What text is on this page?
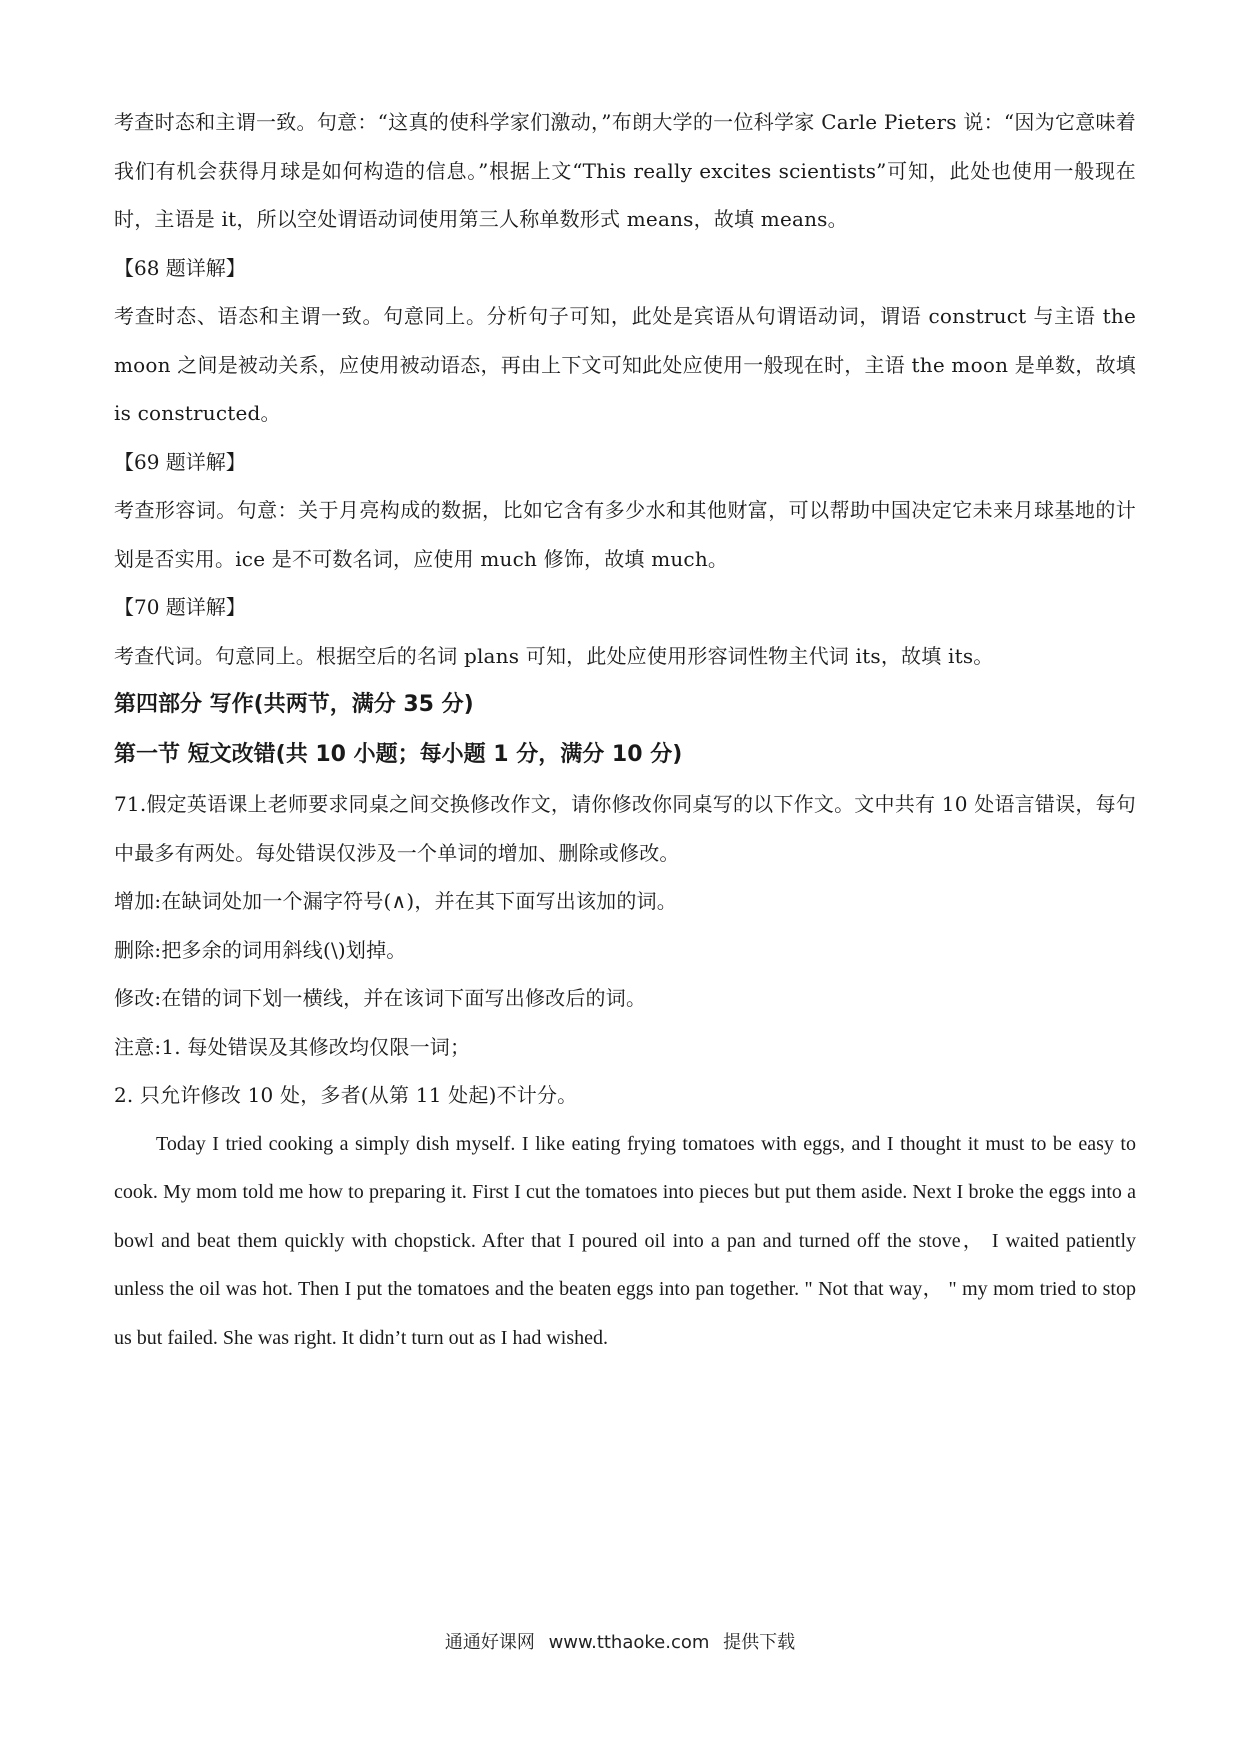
考查时态和主谓一致。句意：“这真的使科学家们激动，”布朗大学的一位科学家 Carle Pieters 说：“因为它意味着我们有机会获得月球是如何构造的信息。”根据上文“This really excites scientists”可知，此处也使用一般现在时，主语是 it，所以空处谓语动词使用第三人称单数形式 means，故填 means。

【68 题详解】

考查时态、语态和主谓一致。句意同上。分析句子可知，此处是宾语从句谓语动词，谓语 construct 与主语 the moon 之间是被动关系，应使用被动语态，再由上下文可知此处应使用一般现在时，主语 the moon 是单数，故填 is constructed。

【69 题详解】

考查形容词。句意：关于月亮构成的数据，比如它含有多少水和其他财富，可以帮助中国决定它未来月球基地的计划是否实用。ice 是不可数名词，应使用 much 修饰，故填 much。

【70 题详解】

考查代词。句意同上。根据空后的名词 plans 可知，此处应使用形容词性物主代词 its，故填 its。

第四部分 写作(共两节，满分 35 分)

第一节 短文改错(共 10 小题；每小题 1 分，满分 10 分)

71.假定英语课上老师要求同桌之间交换修改作文，请你修改你同桌写的以下作文。文中共有 10 处语言错误，每句中最多有两处。每处错误仅涉及一个单词的增加、删除或修改。

增加:在缺词处加一个漏字符号(∧)，并在其下面写出该加的词。

删除:把多余的词用斜线(\)划掉。

修改:在错的词下划一横线，并在该词下面写出修改后的词。

注意:1. 每处错误及其修改均仅限一词；

2. 只允许修改 10 处，多者(从第 11 处起)不计分。

Today I tried cooking a simply dish myself. I like eating frying tomatoes with eggs, and I thought it must to be easy to cook. My mom told me how to preparing it. First I cut the tomatoes into pieces but put them aside. Next I broke the eggs into a bowl and beat them quickly with chopstick. After that I poured oil into a pan and turned off the stove， I waited patiently unless the oil was hot. Then I put the tomatoes and the beaten eggs into pan together. " Not that way， " my mom tried to stop us but failed. She was right. It didn’t turn out as I had wished.

通通好课网 www.tthaoke.com 提供下载
